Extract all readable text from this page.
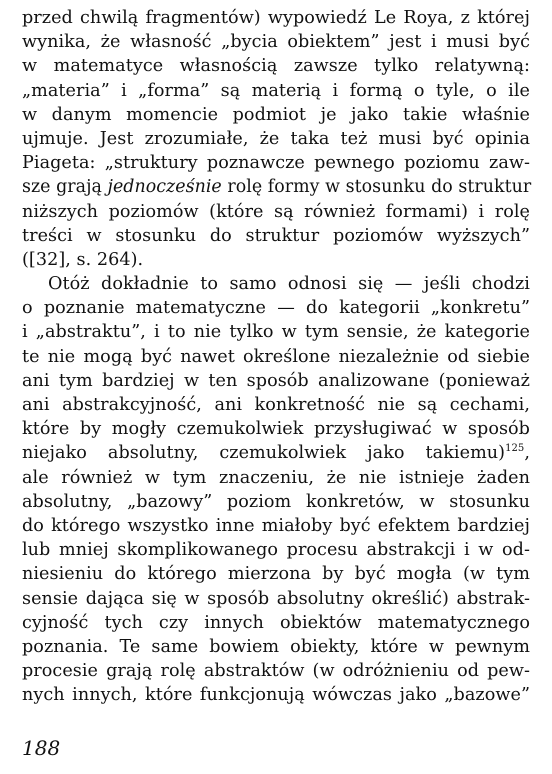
przed chwilą fragmentów) wypowiedź Le Roya, z której
wynika, że własność „bycia obiektem” jest i musi być
w matematyce własnością zawsze tylko relatywną:
„materia” i „forma” są materią i formą o tyle, o ile
w danym momencie podmiot je jako takie właśnie
ujmuje. Jest zrozumiałe, że taka też musi być opinia
Piageta: „struktury poznawcze pewnego poziomu zaw-
sze grają jednocześnie rolę formy w stosunku do struktur
niższych poziomów (które są również formami) i rolę
treści w stosunku do struktur poziomów wyższych”
([32], s. 264).
Otóż dokładnie to samo odnosi się — jeśli chodzi
o poznanie matematyczne — do kategorii „konkretu”
i „abstraktu”, i to nie tylko w tym sensie, że kategorie
te nie mogą być nawet określone niezależnie od siebie
ani tym bardziej w ten sposób analizowane (ponieważ
ani abstrakcyjność, ani konkretność nie są cechami,
które by mogły czemukolwiek przysługiwać w sposób
niejako absolutny, czemukolwiek jako takiemu)$^{125}$,
ale również w tym znaczeniu, że nie istnieje żaden
absolutny, „bazowy” poziom konkretów, w stosunku
do którego wszystko inne miałoby być efektem bardziej
lub mniej skomplikowanego procesu abstrakcji i w od-
niesieniu do którego mierzona by być mogła (w tym
sensie dająca się w sposób absolutny określić) abstrak-
cyjność tych czy innych obiektów matematycznego
poznania. Te same bowiem obiekty, które w pewnym
procesie grają rolę abstraktów (w odróżnieniu od pew-
nych innych, które funkcjonują wówczas jako „bazowe”
188
